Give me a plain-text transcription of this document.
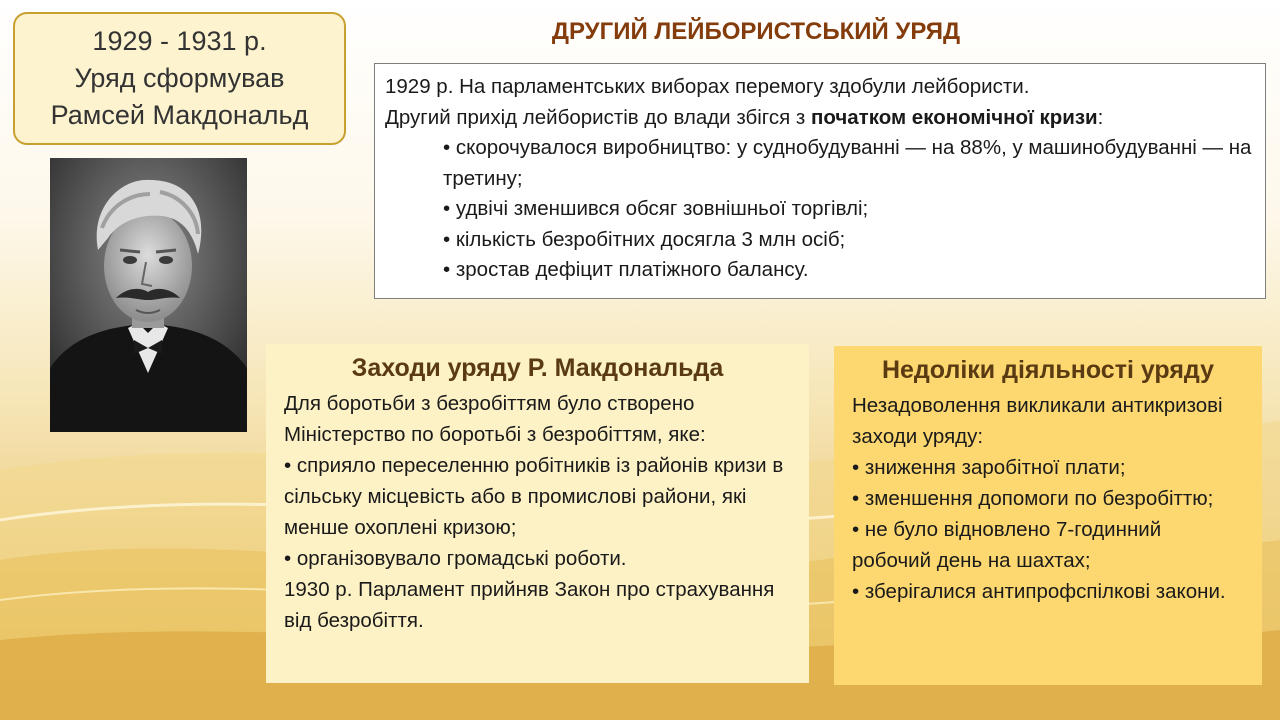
1929 - 1931 р.
Уряд сформував
Рамсей Макдональд
ДРУГИЙ ЛЕЙБОРИСТСЬКИЙ УРЯД

1929 р. На парламентських виборах перемогу здобули лейбористи.

Другий прихід лейбористів до влади збігся з початком економічної кризи:

• скорочувалося виробництво: у суднобудуванні — на 88%, у машинобудуванні — на третину;
• удвічі зменшився обсяг зовнішньої торгівлі;
• кількість безробітних досягла 3 млн осіб;
• зростав дефіцит платіжного балансу.
Заходи уряду Р. Макдональда

Для боротьби з безробіттям було створено Міністерство по боротьбі з безробіттям, яке:

• сприяло переселенню робітників із районів кризи в сільську місцевість або в промислові райони, які менше охоплені кризою;

• організовувало громадські роботи.

1930 р. Парламент прийняв Закон про страхування від безробіття.

Недоліки діяльності уряду

Незадоволення викликали антикризові заходи уряду:

• зниження заробітної плати;

• зменшення допомоги по безробіттю;

• не було відновлено 7-годинний робочий день на шахтах;

• зберігалися антипрофспілкові закони.
